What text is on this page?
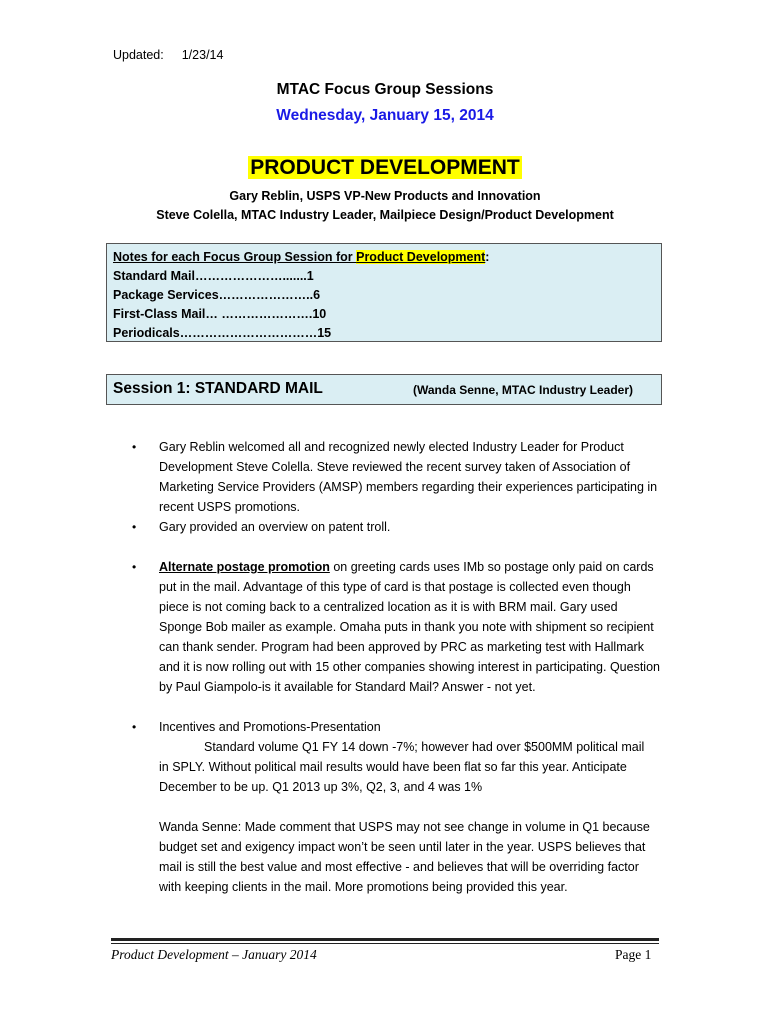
Updated: 1/23/14
MTAC Focus Group Sessions
Wednesday, January 15, 2014
PRODUCT DEVELOPMENT
Gary Reblin, USPS VP-New Products and Innovation
Steve Colella, MTAC Industry Leader, Mailpiece Design/Product Development
Notes for each Focus Group Session for Product Development:
Standard Mail………………….......1
Package Services…………………..6
First-Class Mail… ………………….10
Periodicals……………………………15
Session 1: STANDARD MAIL	(Wanda Senne, MTAC Industry Leader)

• Gary Reblin welcomed all and recognized newly elected Industry Leader for Product Development Steve Colella. Steve reviewed the recent survey taken of Association of Marketing Service Providers (AMSP) members regarding their experiences participating in recent USPS promotions.

• Gary provided an overview on patent troll.

• Alternate postage promotion on greeting cards uses IMb so postage only paid on cards put in the mail. Advantage of this type of card is that postage is collected even though piece is not coming back to a centralized location as it is with BRM mail. Gary used Sponge Bob mailer as example. Omaha puts in thank you note with shipment so recipient can thank sender. Program had been approved by PRC as marketing test with Hallmark and it is now rolling out with 15 other companies showing interest in participating. Question by Paul Giampolo-is it available for Standard Mail? Answer - not yet.

• Incentives and Promotions-Presentation

Standard volume Q1 FY 14 down -7%; however had over $500MM political mail
in SPLY. Without political mail results would have been flat so far this year. Anticipate December to be up. Q1 2013 up 3%, Q2, 3, and 4 was 1%

Wanda Senne: Made comment that USPS may not see change in volume in Q1 because budget set and exigency impact won’t be seen until later in the year. USPS believes that mail is still the best value and most effective - and believes that will be overriding factor with keeping clients in the mail. More promotions being provided this year.

Product Development – January 2014	Page 1
